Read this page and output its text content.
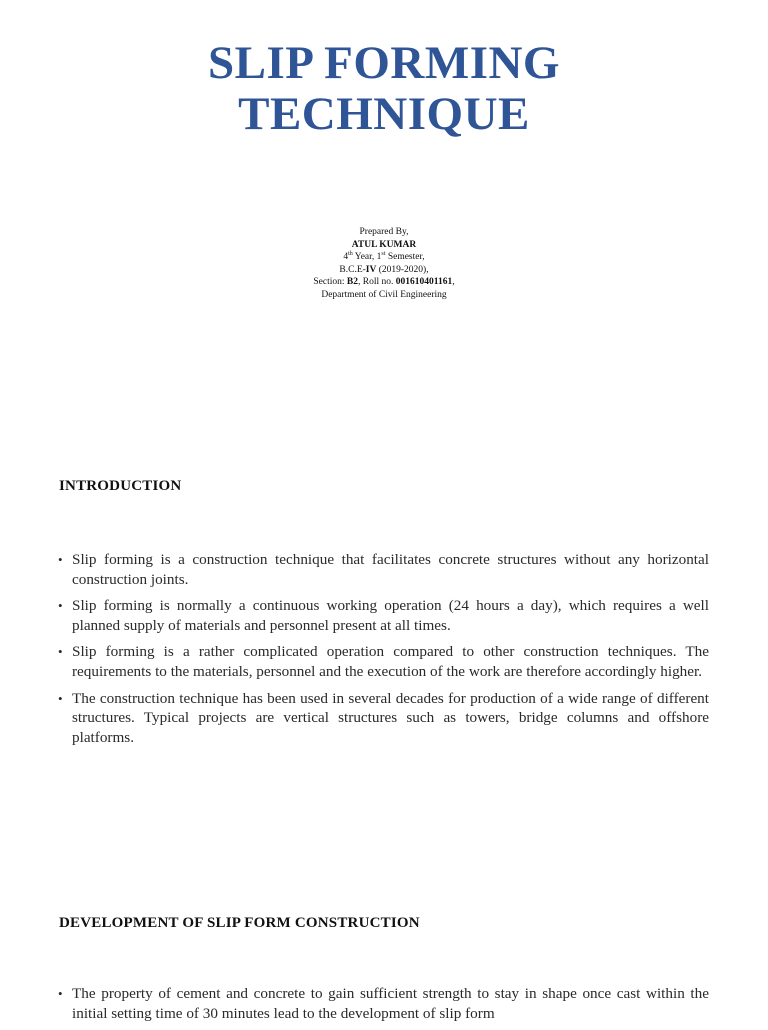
SLIP FORMING
TECHNIQUE
Prepared By,
ATUL KUMAR
4th Year, 1st Semester,
B.C.E-IV (2019-2020),
Section: B2, Roll no. 001610401161,
Department of Civil Engineering
INTRODUCTION
• Slip forming is a construction technique that facilitates concrete structures without any horizontal construction joints.
• Slip forming is normally a continuous working operation (24 hours a day), which requires a well planned supply of materials and personnel present at all times.
• Slip forming is a rather complicated operation compared to other construction techniques. The requirements to the materials, personnel and the execution of the work are therefore accordingly higher.
• The construction technique has been used in several decades for production of a wide range of different structures. Typical projects are vertical structures such as towers, bridge columns and offshore platforms.
DEVELOPMENT OF SLIP FORM CONSTRUCTION
• The property of cement and concrete to gain sufficient strength to stay in shape once cast within the initial setting time of 30 minutes lead to the development of slip form
